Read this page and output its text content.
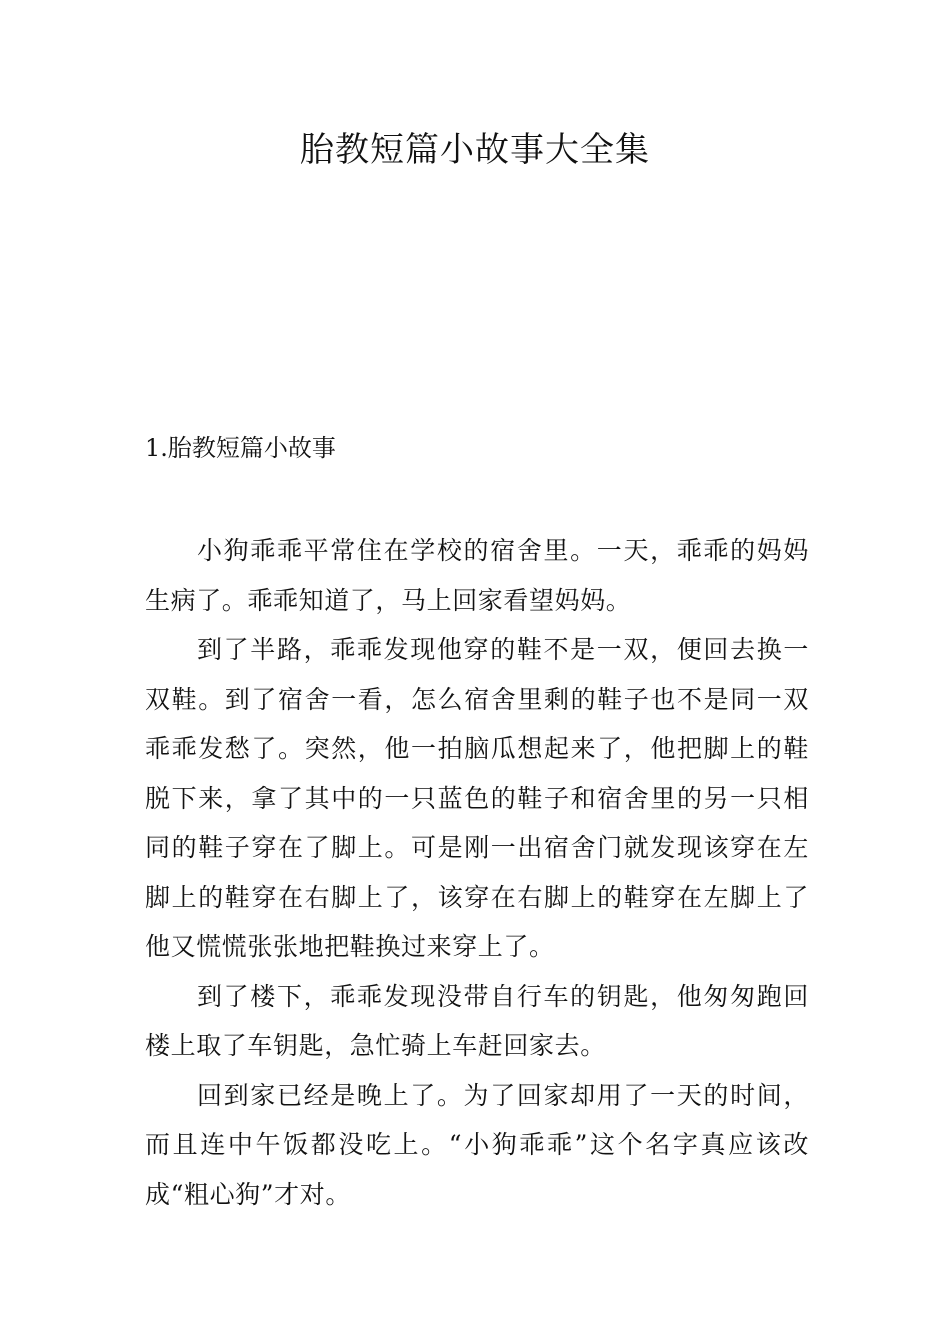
胎教短篇小故事大全集
1.胎教短篇小故事

小狗乖乖平常住在学校的宿舍里。一天，乖乖的妈妈生病了。乖乖知道了，马上回家看望妈妈。

到了半路，乖乖发现他穿的鞋不是一双，便回去换一双鞋。到了宿舍一看，怎么宿舍里剩的鞋子也不是同一双乖乖发愁了。突然，他一拍脑瓜想起来了，他把脚上的鞋脱下来，拿了其中的一只蓝色的鞋子和宿舍里的另一只相同的鞋子穿在了脚上。可是刚一出宿舍门就发现该穿在左脚上的鞋穿在右脚上了，该穿在右脚上的鞋穿在左脚上了他又慌慌张张地把鞋换过来穿上了。

到了楼下，乖乖发现没带自行车的钥匙，他匆匆跑回楼上取了车钥匙，急忙骑上车赶回家去。

回到家已经是晚上了。为了回家却用了一天的时间，而且连中午饭都没吃上。“小狗乖乖”这个名字真应该改成“粗心狗”才对。
